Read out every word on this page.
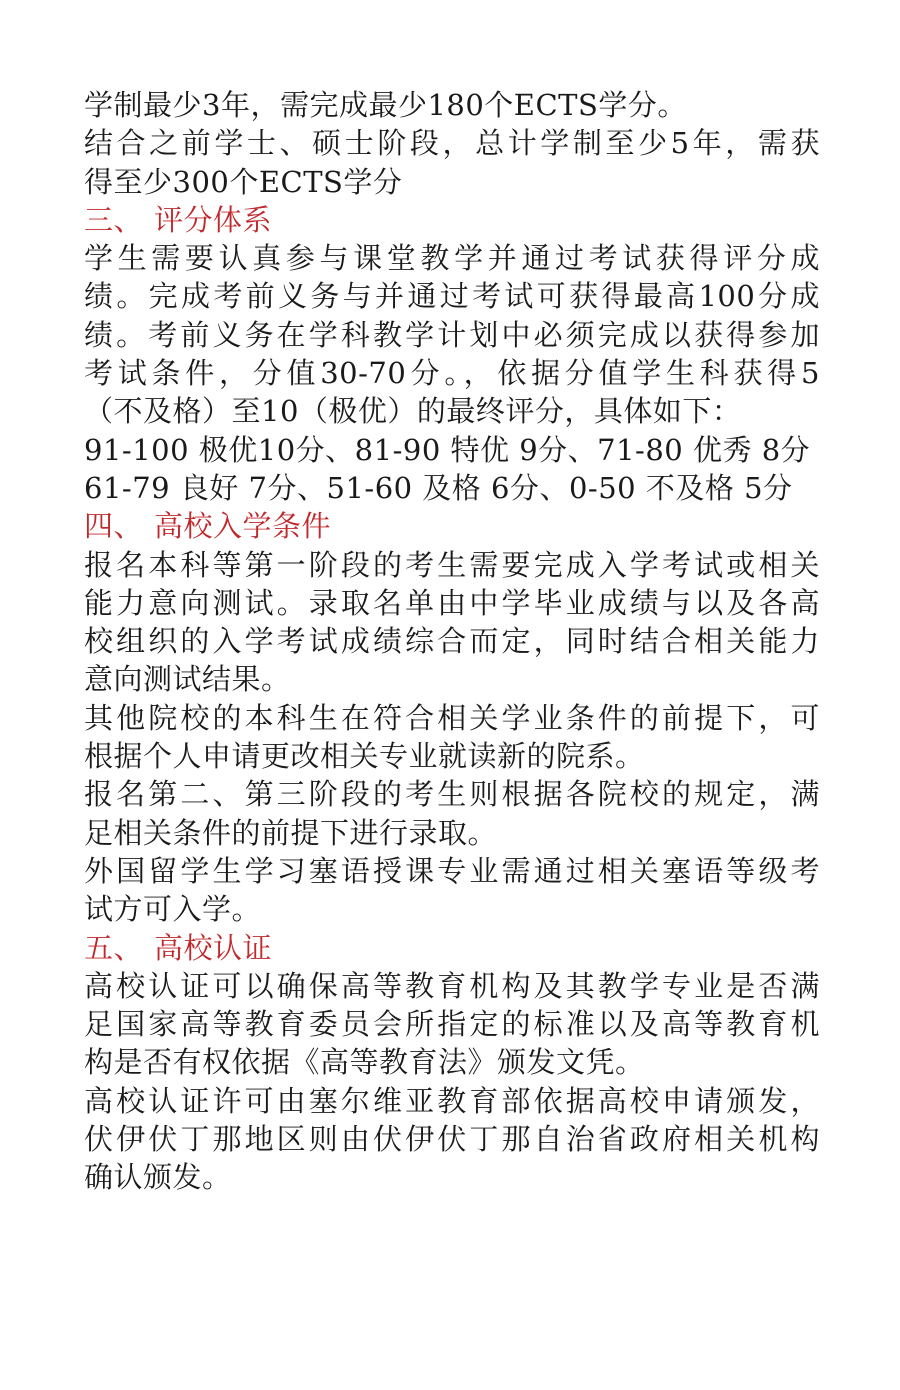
学制最少3年，需完成最少180个ECTS学分。
结合之前学士、硕士阶段，总计学制至少5年，需获
得至少300个ECTS学分
三、 评分体系
学生需要认真参与课堂教学并通过考试获得评分成
绩。完成考前义务与并通过考试可获得最高100分成
绩。考前义务在学科教学计划中必须完成以获得参加
考试条件，分值30-70分。，依据分值学生科获得5
（不及格）至10（极优）的最终评分，具体如下：
91-100 极优10分、81-90 特优 9分、71-80 优秀 8分
61-79 良好 7分、51-60 及格 6分、0-50 不及格 5分
四、 高校入学条件
报名本科等第一阶段的考生需要完成入学考试或相关
能力意向测试。录取名单由中学毕业成绩与以及各高
校组织的入学考试成绩综合而定，同时结合相关能力
意向测试结果。
其他院校的本科生在符合相关学业条件的前提下，可
根据个人申请更改相关专业就读新的院系。
报名第二、第三阶段的考生则根据各院校的规定，满
足相关条件的前提下进行录取。
外国留学生学习塞语授课专业需通过相关塞语等级考
试方可入学。
五、 高校认证
高校认证可以确保高等教育机构及其教学专业是否满
足国家高等教育委员会所指定的标准以及高等教育机
构是否有权依据《高等教育法》颁发文凭。
高校认证许可由塞尔维亚教育部依据高校申请颁发，
伏伊伏丁那地区则由伏伊伏丁那自治省政府相关机构
确认颁发。
